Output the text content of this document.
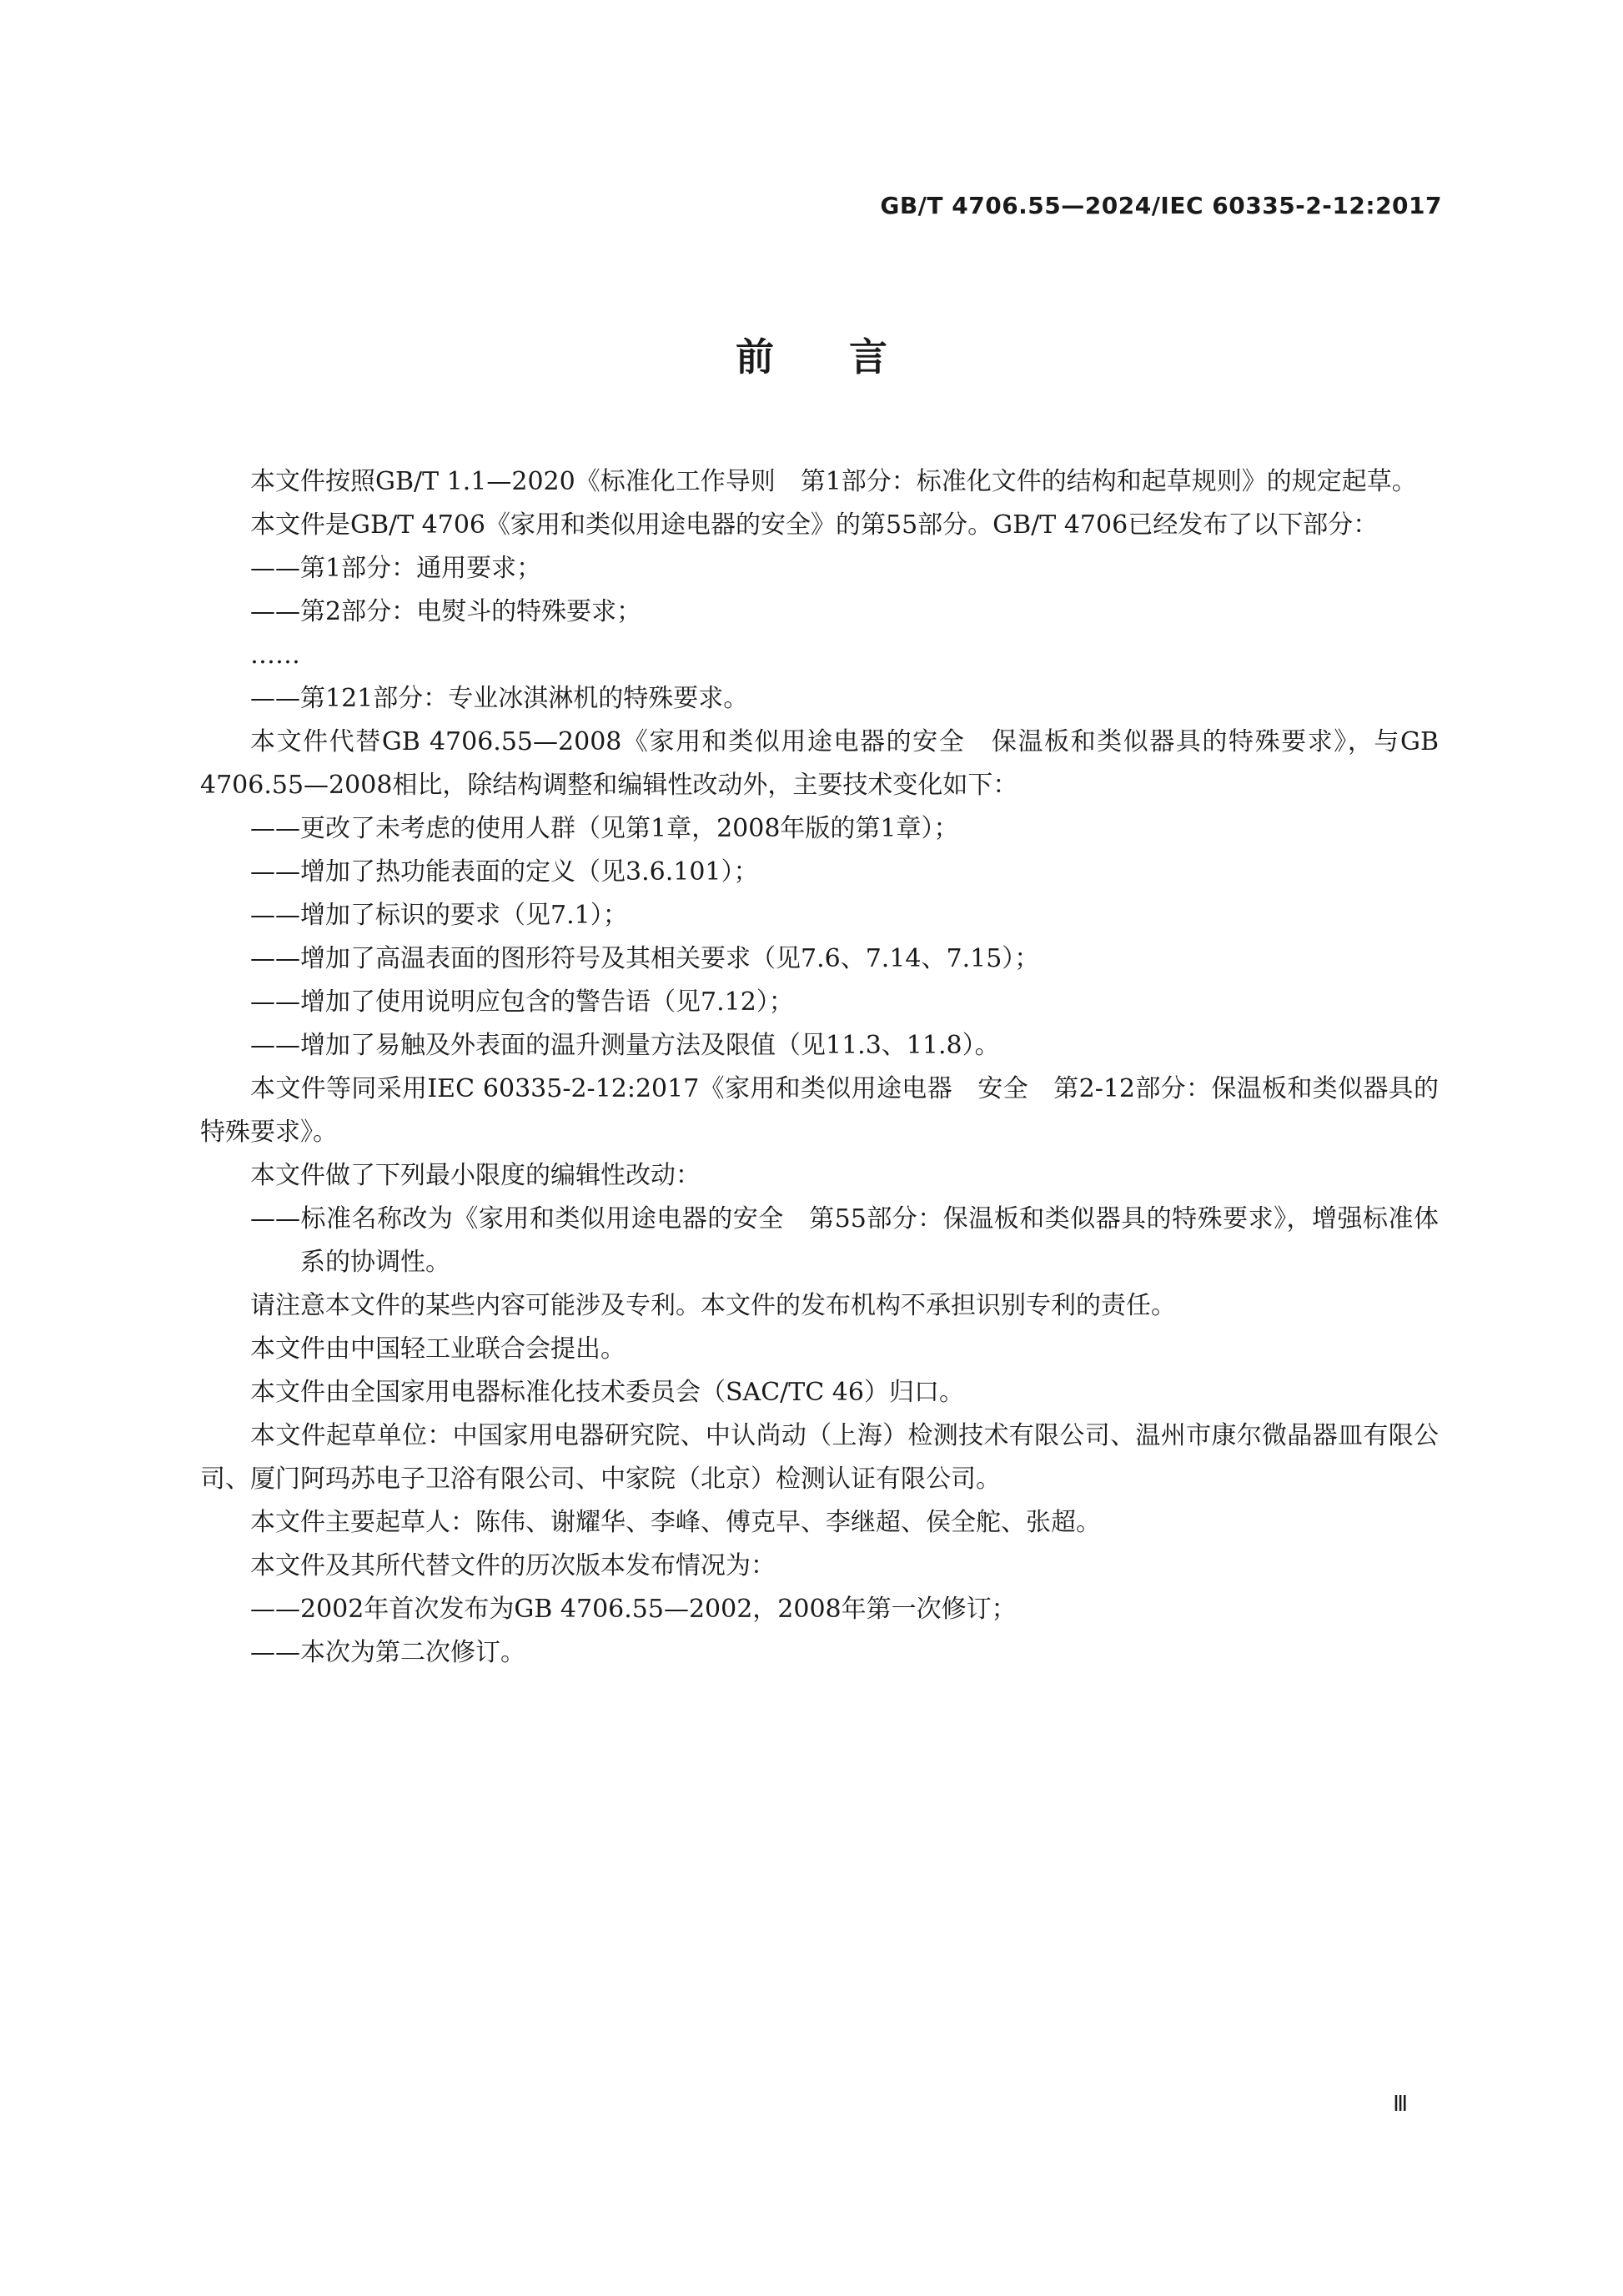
GB/T 4706.55—2024/IEC 60335-2-12:2017
前言

本文件按照GB/T 1.1—2020《标准化工作导则　第1部分：标准化文件的结构和起草规则》的规定起草。

本文件是GB/T 4706《家用和类似用途电器的安全》的第55部分。GB/T 4706已经发布了以下部分：

——第1部分：通用要求；

——第2部分：电熨斗的特殊要求；

……

——第121部分：专业冰淇淋机的特殊要求。

本文件代替GB 4706.55—2008《家用和类似用途电器的安全　保温板和类似器具的特殊要求》，与GB 4706.55—2008相比，除结构调整和编辑性改动外，主要技术变化如下：

——更改了未考虑的使用人群（见第1章，2008年版的第1章）；

——增加了热功能表面的定义（见3.6.101）；

——增加了标识的要求（见7.1）；

——增加了高温表面的图形符号及其相关要求（见7.6、7.14、7.15）；

——增加了使用说明应包含的警告语（见7.12）；

——增加了易触及外表面的温升测量方法及限值（见11.3、11.8）。

本文件等同采用IEC 60335-2-12:2017《家用和类似用途电器　安全　第2-12部分：保温板和类似器具的特殊要求》。

本文件做了下列最小限度的编辑性改动：

——标准名称改为《家用和类似用途电器的安全　第55部分：保温板和类似器具的特殊要求》，增强标准体系的协调性。

请注意本文件的某些内容可能涉及专利。本文件的发布机构不承担识别专利的责任。

本文件由中国轻工业联合会提出。

本文件由全国家用电器标准化技术委员会（SAC/TC 46）归口。

本文件起草单位：中国家用电器研究院、中认尚动（上海）检测技术有限公司、温州市康尔微晶器皿有限公司、厦门阿玛苏电子卫浴有限公司、中家院（北京）检测认证有限公司。

本文件主要起草人：陈伟、谢耀华、李峰、傅克早、李继超、侯全舵、张超。

本文件及其所代替文件的历次版本发布情况为：

——2002年首次发布为GB 4706.55—2002，2008年第一次修订；

——本次为第二次修订。

Ⅲ
